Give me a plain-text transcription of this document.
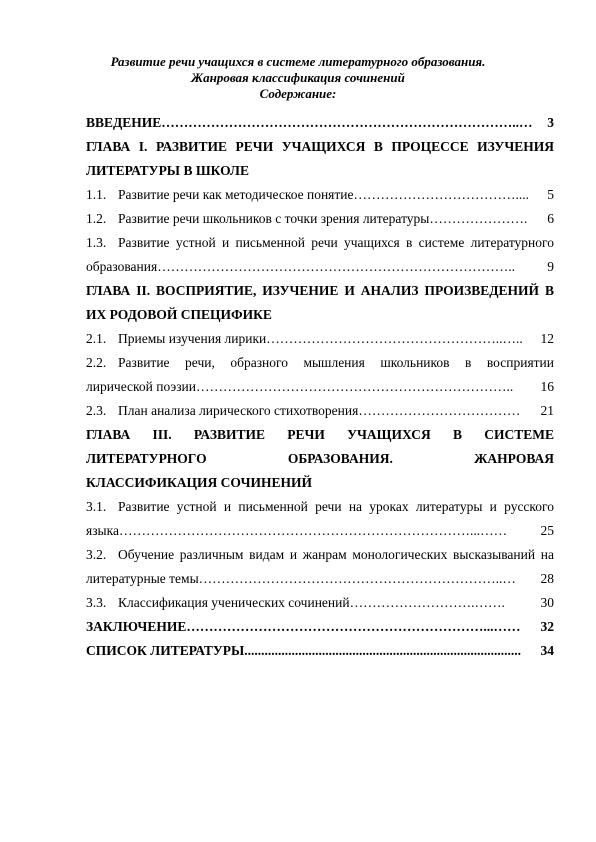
Развитие речи учащихся в системе литературного образования.
Жанровая классификация сочинений
Содержание:
ВВЕДЕНИЕ……………………………………………………………………..…	3
ГЛАВА I. РАЗВИТИЕ РЕЧИ УЧАЩИХСЯ В ПРОЦЕССЕ ИЗУЧЕНИЯ
ЛИТЕРАТУРЫ В ШКОЛЕ
1.1. Развитие речи как методическое понятие………………………………....	5
1.2. Развитие речи школьников с точки зрения литературы………………….	6
1.3. Развитие устной и письменной речи учащихся в системе литературного
образования……………………………………………………………………..	9
ГЛАВА II. ВОСПРИЯТИЕ, ИЗУЧЕНИЕ И АНАЛИЗ ПРОИЗВЕДЕНИЙ В
ИХ РОДОВОЙ СПЕЦИФИКЕ
2.1. Приемы изучения лирики……………………………………………..…..	12
2.2. Развитие речи, образного мышления школьников в восприятии
лирической поэзии……………………………………………………………..	16
2.3. План анализа лирического стихотворения………………………………	21
ГЛАВА III. РАЗВИТИЕ РЕЧИ УЧАЩИХСЯ В СИСТЕМЕ
ЛИТЕРАТУРНОГО ОБРАЗОВАНИЯ. ЖАНРОВАЯ
КЛАССИФИКАЦИЯ СОЧИНЕНИЙ
3.1. Развитие устной и письменной речи на уроках литературы и русского
языка……………………………………………………………………...……	25
3.2. Обучение различным видам и жанрам монологических высказываний на
литературные темы…………………………………………………………..…	28
3.3. Классификация ученических сочинений……………………….…….	30
ЗАКЛЮЧЕНИЕ…………………………………………………………...……	32
СПИСОК ЛИТЕРАТУРЫ..................................................................................	34
